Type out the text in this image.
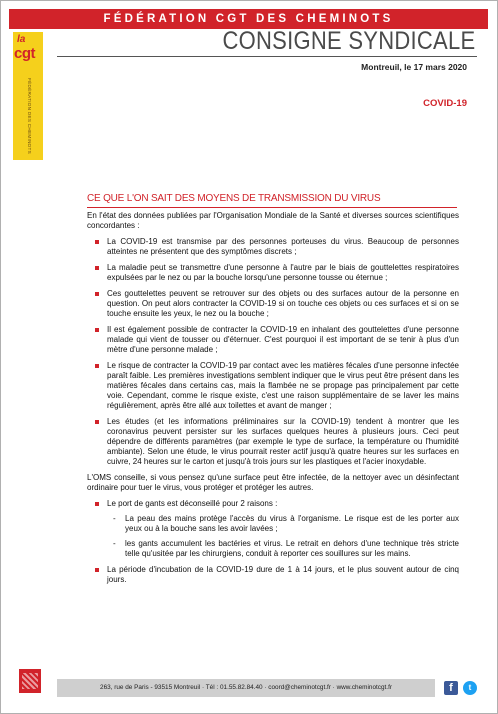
FÉDÉRATION CGT DES CHEMINOTS
la
cgt
FÉDÉRATION DES CHEMINOTS
CONSIGNE SYNDICALE
Montreuil, le 17 mars 2020
COVID-19
CE QUE L'ON SAIT DES MOYENS DE TRANSMISSION DU VIRUS

En l'état des données publiées par l'Organisation Mondiale de la Santé et diverses sources scientifiques concordantes :

La COVID-19 est transmise par des personnes porteuses du virus. Beaucoup de personnes atteintes ne présentent que des symptômes discrets ;
La maladie peut se transmettre d'une personne à l'autre par le biais de gouttelettes respiratoires expulsées par le nez ou par la bouche lorsqu'une personne tousse ou éternue ;
Ces gouttelettes peuvent se retrouver sur des objets ou des surfaces autour de la personne en question. On peut alors contracter la COVID-19 si on touche ces objets ou ces surfaces et si on se touche ensuite les yeux, le nez ou la bouche ;
Il est également possible de contracter la COVID-19 en inhalant des gouttelettes d'une personne malade qui vient de tousser ou d'éternuer. C'est pourquoi il est important de se tenir à plus d'un mètre d'une personne malade ;
Le risque de contracter la COVID-19 par contact avec les matières fécales d'une personne infectée paraît faible. Les premières investigations semblent indiquer que le virus peut être présent dans les matières fécales dans certains cas, mais la flambée ne se propage pas principalement par cette voie. Cependant, comme le risque existe, c'est une raison supplémentaire de se laver les mains régulièrement, après être allé aux toilettes et avant de manger ;
Les études (et les informations préliminaires sur la COVID-19) tendent à montrer que les coronavirus peuvent persister sur les surfaces quelques heures à plusieurs jours. Ceci peut dépendre de différents paramètres (par exemple le type de surface, la température ou l'humidité ambiante). Selon une étude, le virus pourrait rester actif jusqu'à quatre heures sur les surfaces en cuivre, 24 heures sur le carton et jusqu'à trois jours sur les plastiques et l'acier inoxydable.

L'OMS conseille, si vous pensez qu'une surface peut être infectée, de la nettoyer avec un désinfectant ordinaire pour tuer le virus, vous protéger et protéger les autres.

Le port de gants est déconseillé pour 2 raisons :
- La peau des mains protège l'accès du virus à l'organisme. Le risque est de les porter aux yeux ou à la bouche sans les avoir lavées ;
- les gants accumulent les bactéries et virus. Le retrait en dehors d'une technique très stricte telle qu'usitée par les chirurgiens, conduit à reporter ces souillures sur les mains.
La période d'incubation de la COVID-19 dure de 1 à 14 jours, et le plus souvent autour de cinq jours.
263, rue de Paris - 93515 Montreuil · Tél : 01.55.82.84.40 · coord@cheminotcgt.fr · www.cheminotcgt.fr	f	t
